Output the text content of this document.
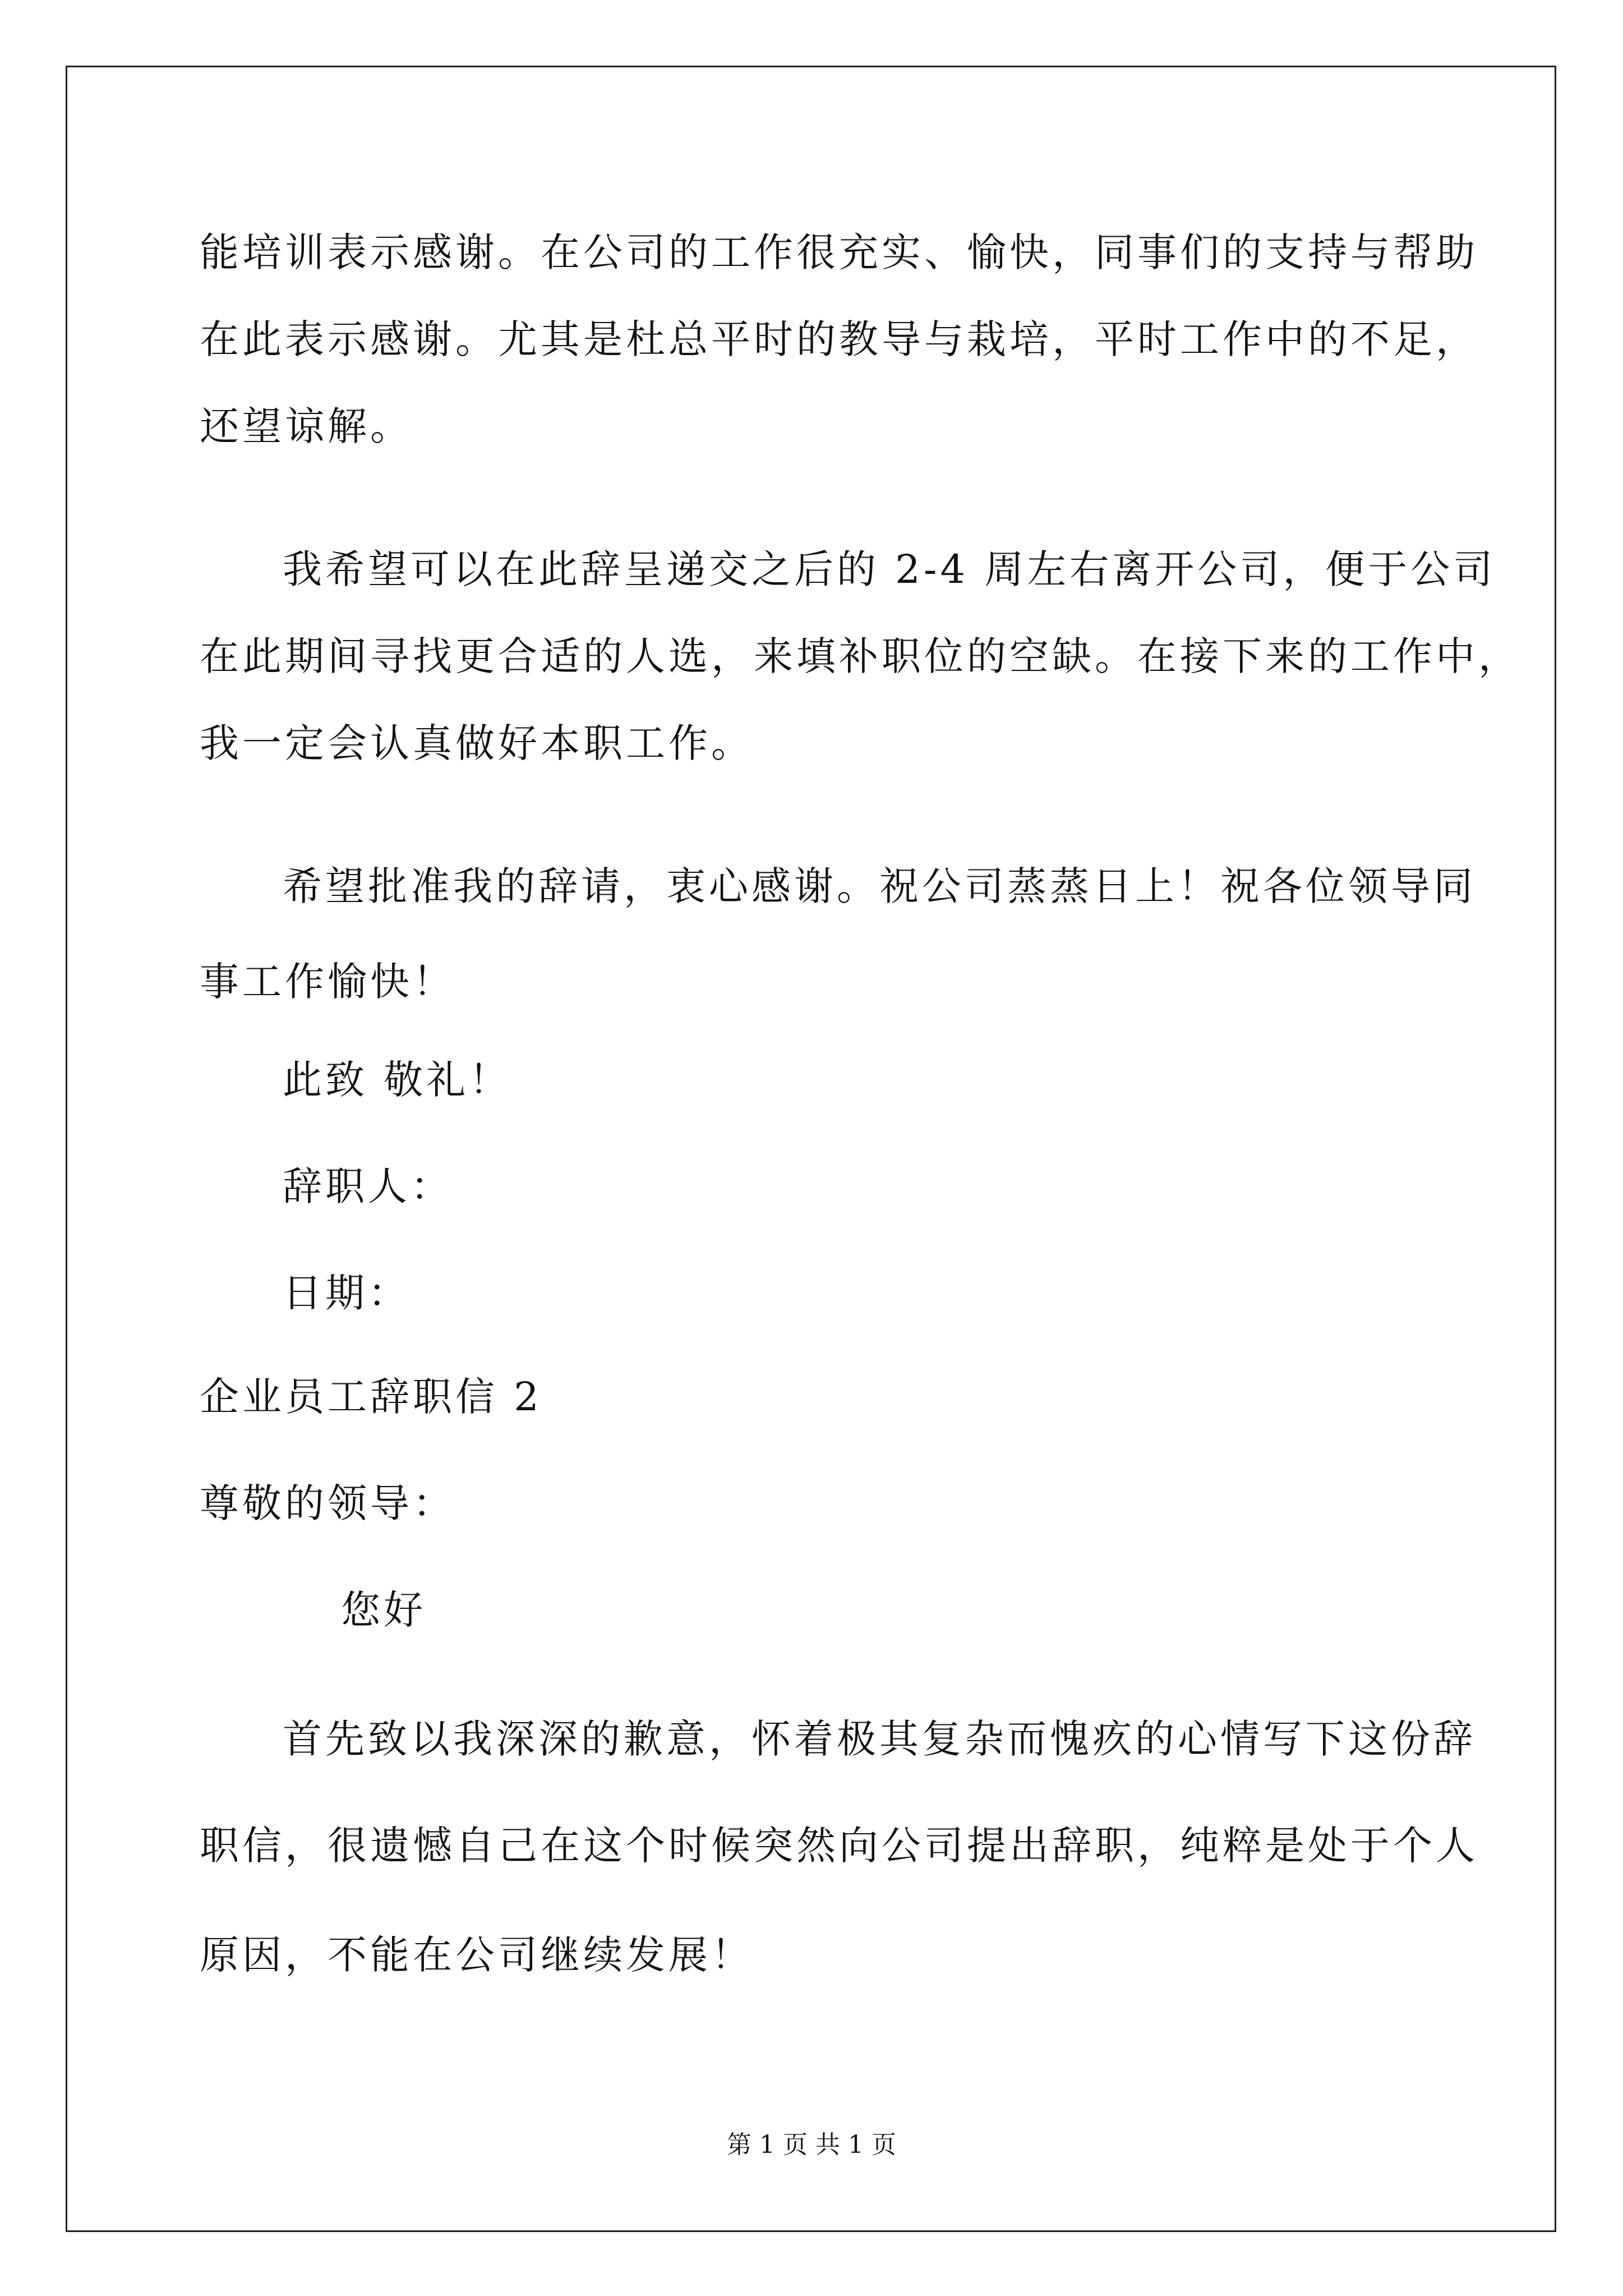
能培训表示感谢。在公司的工作很充实、愉快，同事们的支持与帮助
在此表示感谢。尤其是杜总平时的教导与栽培，平时工作中的不足，
还望谅解。
我希望可以在此辞呈递交之后的 2-4 周左右离开公司，便于公司
在此期间寻找更合适的人选，来填补职位的空缺。在接下来的工作中，
我一定会认真做好本职工作。
希望批准我的辞请，衷心感谢。祝公司蒸蒸日上！祝各位领导同
事工作愉快！
此致 敬礼！
辞职人：
日期：
企业员工辞职信 2
尊敬的领导：
您好
首先致以我深深的歉意，怀着极其复杂而愧疚的心情写下这份辞
职信，很遗憾自己在这个时候突然向公司提出辞职，纯粹是处于个人
原因，不能在公司继续发展！
第 1 页 共 1 页
